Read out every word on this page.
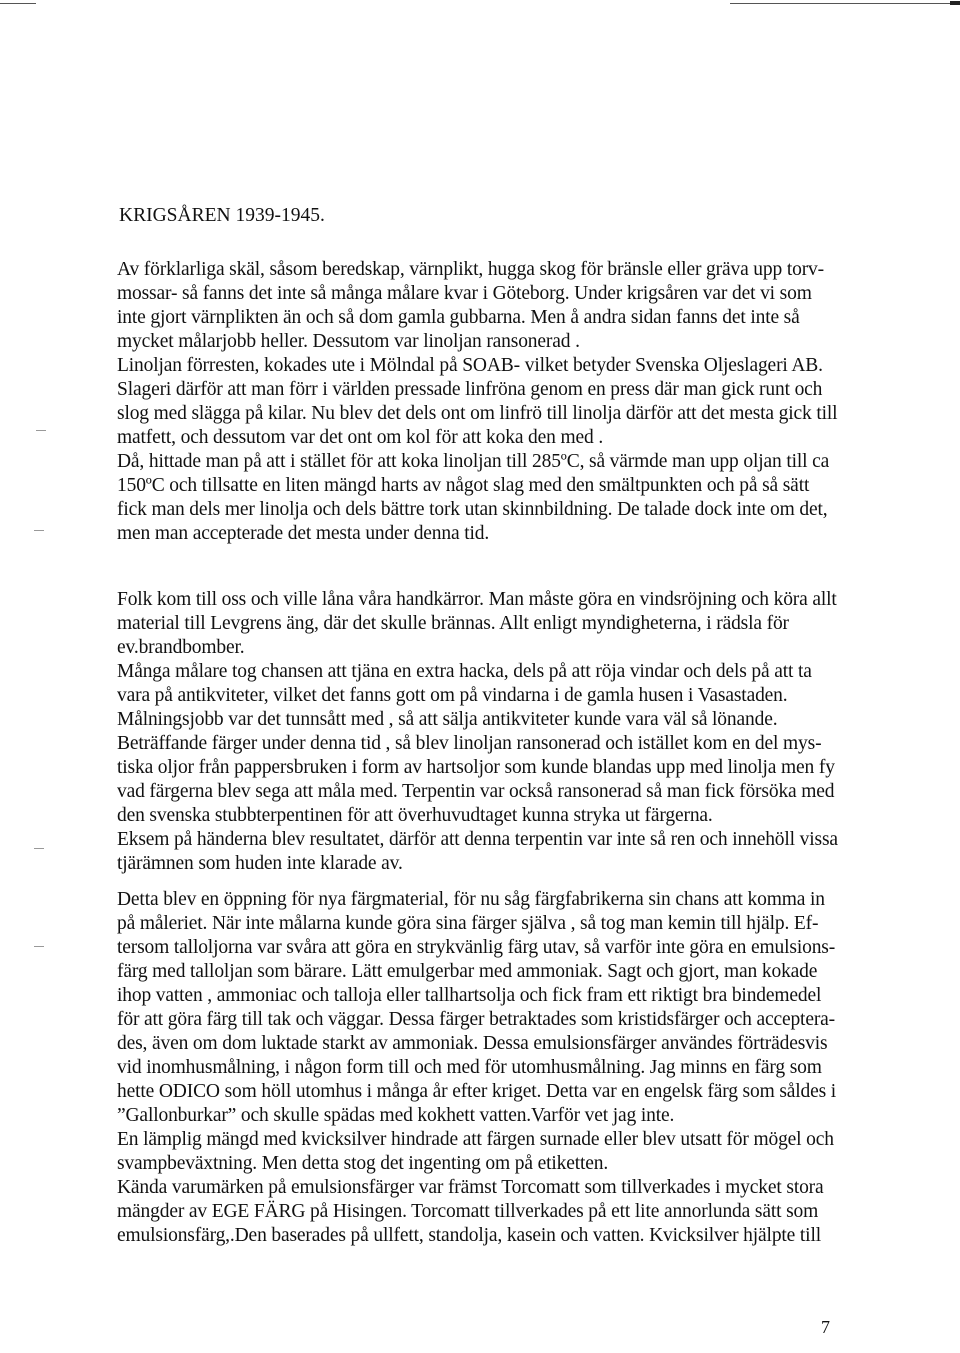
KRIGSÅREN 1939-1945.
Av förklarliga skäl, såsom beredskap, värnplikt, hugga skog för bränsle eller gräva upp torv-
mossar- så fanns det inte så många målare kvar i Göteborg. Under krigsåren var det vi som
inte gjort värnplikten än och så dom gamla gubbarna. Men å andra sidan fanns det inte så
mycket målarjobb heller. Dessutom var linoljan ransonerad .
Linoljan förresten, kokades ute i Mölndal på SOAB- vilket betyder Svenska Oljeslageri AB.
Slageri därför att man förr i världen pressade linfröna genom en press där man gick runt och
slog med slägga på kilar. Nu blev det dels ont om linfrö till linolja därför att det mesta gick till
matfett, och dessutom var det ont om kol för att koka den med .
Då, hittade man på att i stället för att koka linoljan till 285ºC, så värmde man upp oljan till ca
150ºC och tillsatte en liten mängd harts av något slag med den smältpunkten och på så sätt
fick man dels mer linolja och dels bättre tork utan skinnbildning. De talade dock inte om det,
men man accepterade det mesta under denna tid.
Folk kom till oss och ville låna våra handkärror. Man måste göra en vindsröjning och köra allt
material till Levgrens äng, där det skulle brännas. Allt enligt myndigheterna, i rädsla för
ev.brandbomber.
Många målare tog chansen att tjäna en extra hacka, dels på att röja vindar och dels på att ta
vara på antikviteter, vilket det fanns gott om på vindarna i de gamla husen i Vasastaden.
Målningsjobb var det tunnsått med , så att sälja antikviteter kunde vara väl så lönande.
Beträffande färger under denna tid , så blev linoljan ransonerad och istället kom en del mys-
tiska oljor från pappersbruken i form av hartsoljor som kunde blandas upp med linolja men fy
vad färgerna blev sega att måla med. Terpentin var också ransonerad så man fick försöka med
den svenska stubbterpentinen för att överhuvudtaget kunna stryka ut färgerna.
Eksem på händerna blev resultatet, därför att denna terpentin var inte så ren och innehöll vissa
tjärämnen som huden inte klarade av.
Detta blev en öppning för nya färgmaterial, för nu såg färgfabrikerna sin chans att komma in
på måleriet. När inte målarna kunde göra sina färger själva , så tog man kemin till hjälp. Ef-
tersom talloljorna var svåra att göra en strykvänlig färg utav, så varför inte göra en emulsions-
färg med talloljan som bärare. Lätt emulgerbar med ammoniak. Sagt och gjort, man kokade
ihop vatten , ammoniac och talloja eller tallhartsolja och fick fram ett riktigt bra bindemedel
för att göra färg till tak och väggar. Dessa färger betraktades som kristidsfärger och acceptera-
des, även om dom luktade starkt av ammoniak. Dessa emulsionsfärger användes förträdesvis
vid inomhusmålning, i någon form till och med för utomhusmålning. Jag minns en färg som
hette ODICO som höll utomhus i många år efter kriget. Detta var en engelsk färg som såldes i
”Gallonburkar” och skulle spädas med kokhett vatten.Varför vet jag inte.
En lämplig mängd med kvicksilver hindrade att färgen surnade eller blev utsatt för mögel och
svampbeväxtning. Men detta stog det ingenting om på etiketten.
Kända varumärken på emulsionsfärger var främst Torcomatt som tillverkades i mycket stora
mängder av EGE FÄRG på Hisingen. Torcomatt tillverkades på ett lite annorlunda sätt som
emulsionsfärg,.Den baserades på ullfett, standolja, kasein och vatten. Kvicksilver hjälpte till
7
